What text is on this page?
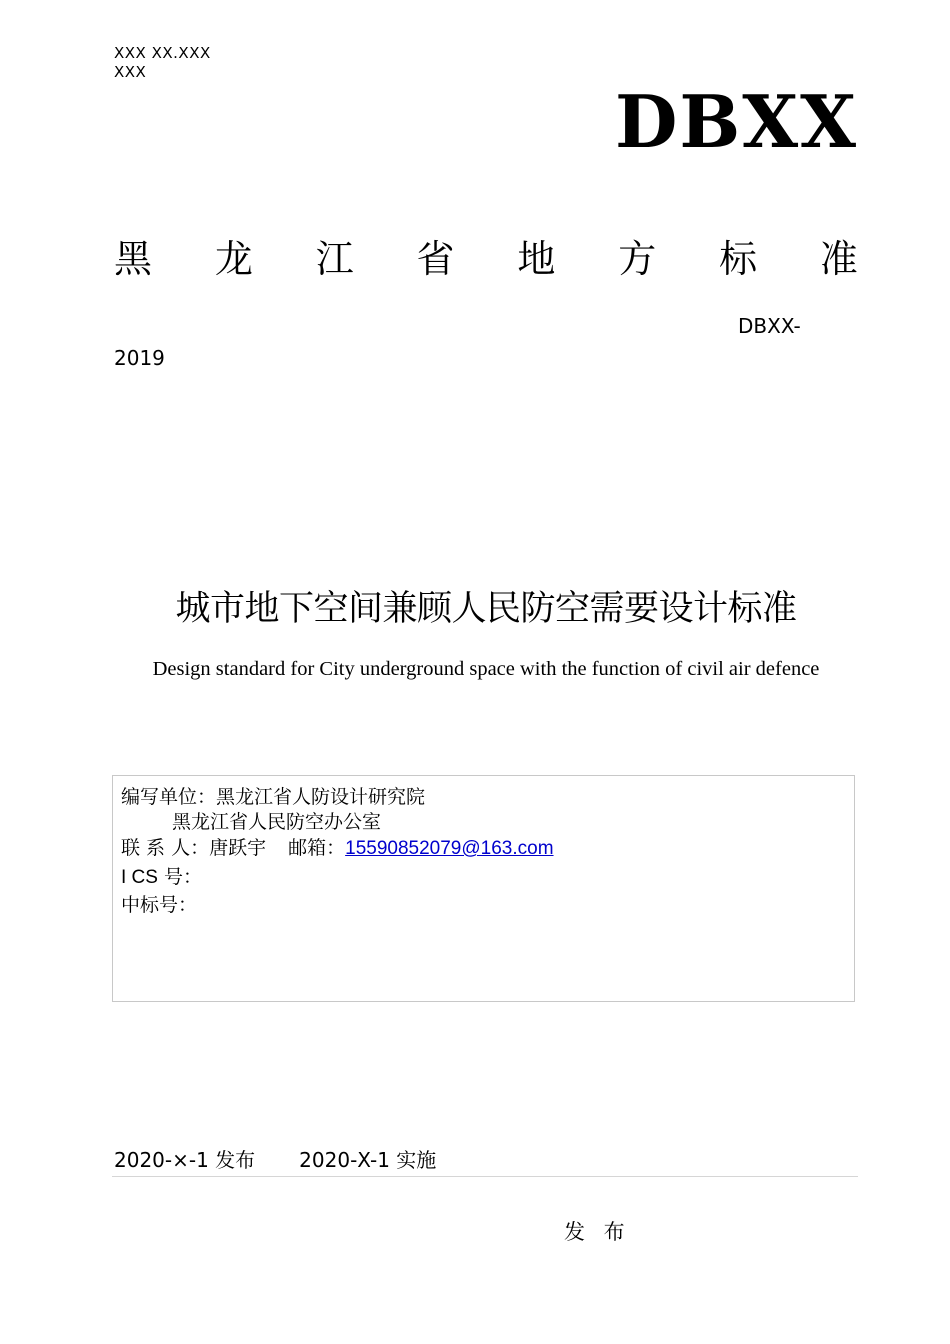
XXX XX.XXX
XXX
DBXX
黑 龙 江 省 地 方 标 准
DBXX-
2019
城市地下空间兼顾人民防空需要设计标准
Design standard for City underground space with the function of civil air defence
编写单位：黑龙江省人防设计研究院
黑龙江省人民防空办公室
联 系 人：唐跃宇 邮箱：15590852079@163.com
I CS 号：
中标号：
2020-×-1 发布 2020-X-1 实施
发 布
